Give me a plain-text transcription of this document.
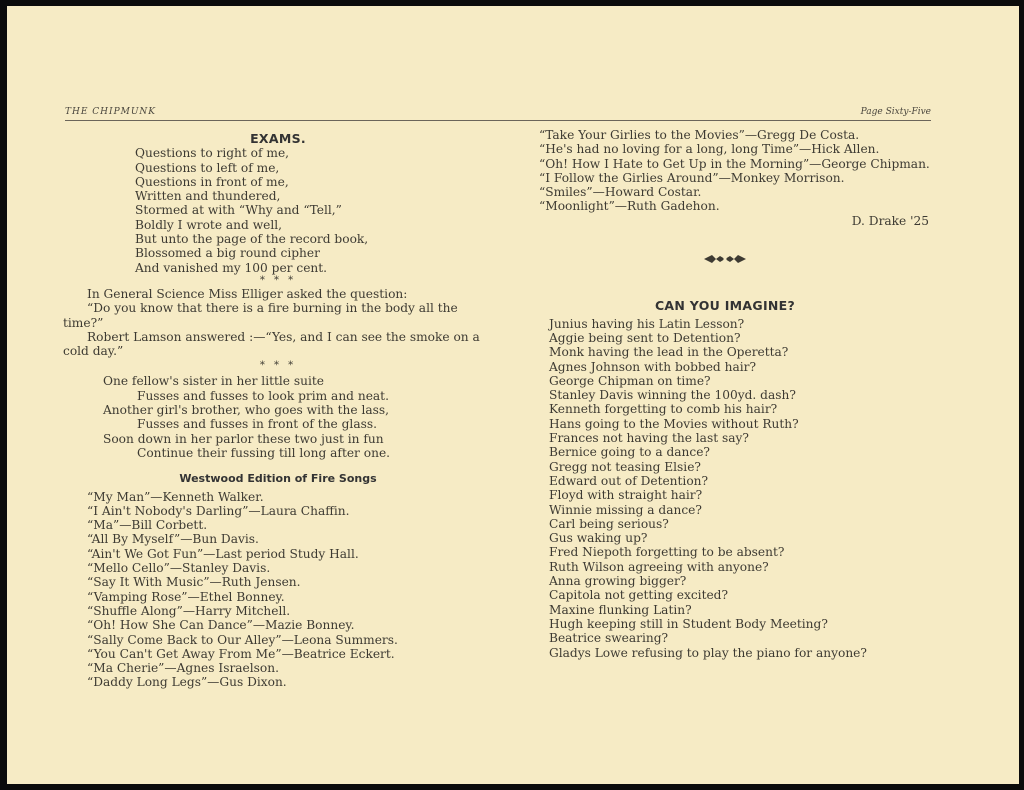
THE CHIPMUNK	Page Sixty-Five
EXAMS.
Questions to right of me,
Questions to left of me,
Questions in front of me,
Written and thundered,
Stormed at with “Why and “Tell,”
Boldly I wrote and well,
But unto the page of the record book,
Blossomed a big round cipher
And vanished my 100 per cent.
* * *
In General Science Miss Elliger asked the question:
“Do you know that there is a fire burning in the body all the time?”
Robert Lamson answered :—“Yes, and I can see the smoke on a cold day.”
* * *
One fellow's sister in her little suite
Fusses and fusses to look prim and neat.
Another girl's brother, who goes with the lass,
Fusses and fusses in front of the glass.
Soon down in her parlor these two just in fun
Continue their fussing till long after one.
Westwood Edition of Fire Songs
“My Man”—Kenneth Walker.
“I Ain't Nobody's Darling”—Laura Chaffin.
“Ma”—Bill Corbett.
“All By Myself”—Bun Davis.
“Ain't We Got Fun”—Last period Study Hall.
“Mello Cello”—Stanley Davis.
“Say It With Music”—Ruth Jensen.
“Vamping Rose”—Ethel Bonney.
“Shuffle Along”—Harry Mitchell.
“Oh! How She Can Dance”—Mazie Bonney.
“Sally Come Back to Our Alley”—Leona Summers.
“You Can't Get Away From Me”—Beatrice Eckert.
“Ma Cherie”—Agnes Israelson.
“Daddy Long Legs”—Gus Dixon.
“Take Your Girlies to the Movies”—Gregg De Costa.
“He's had no loving for a long, long Time”—Hick Allen.
“Oh! How I Hate to Get Up in the Morning”—George Chipman.
“I Follow the Girlies Around”—Monkey Morrison.
“Smiles”—Howard Costar.
“Moonlight”—Ruth Gadehon.
D. Drake '25
CAN YOU IMAGINE?
Junius having his Latin Lesson?
Aggie being sent to Detention?
Monk having the lead in the Operetta?
Agnes Johnson with bobbed hair?
George Chipman on time?
Stanley Davis winning the 100yd. dash?
Kenneth forgetting to comb his hair?
Hans going to the Movies without Ruth?
Frances not having the last say?
Bernice going to a dance?
Gregg not teasing Elsie?
Edward out of Detention?
Floyd with straight hair?
Winnie missing a dance?
Carl being serious?
Gus waking up?
Fred Niepoth forgetting to be absent?
Ruth Wilson agreeing with anyone?
Anna growing bigger?
Capitola not getting excited?
Maxine flunking Latin?
Hugh keeping still in Student Body Meeting?
Beatrice swearing?
Gladys Lowe refusing to play the piano for anyone?
